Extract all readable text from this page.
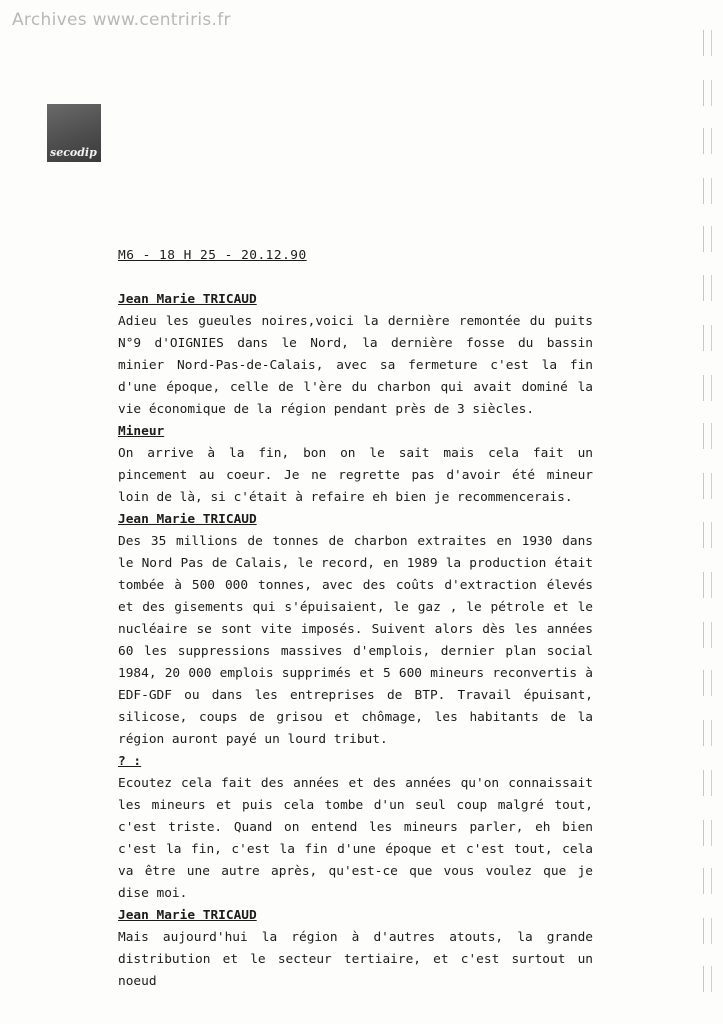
Archives www.centriris.fr
secodip
M6 - 18 H 25 - 20.12.90
Jean Marie TRICAUD
Adieu les gueules noires,voici la dernière remontée du puits N°9 d'OIGNIES dans le Nord, la dernière fosse du bassin minier Nord-Pas-de-Calais, avec sa fermeture c'est la fin d'une époque, celle de l'ère du charbon qui avait dominé la vie économique de la région pendant près de 3 siècles.
Mineur
On arrive à la fin, bon on le sait mais cela fait un pincement au coeur. Je ne regrette pas d'avoir été mineur loin de là, si c'était à refaire eh bien je recommencerais.
Jean Marie TRICAUD
Des 35 millions de tonnes de charbon extraites en 1930 dans le Nord Pas de Calais, le record, en 1989 la production était tombée à 500 000 tonnes, avec des coûts d'extraction élevés et des gisements qui s'épuisaient, le gaz , le pétrole et le nucléaire se sont vite imposés. Suivent alors dès les années 60 les suppressions massives d'emplois, dernier plan social 1984, 20 000 emplois supprimés et 5 600 mineurs reconvertis à EDF-GDF ou dans les entreprises de BTP. Travail épuisant, silicose, coups de grisou et chômage, les habitants de la région auront payé un lourd tribut.
? :
Ecoutez cela fait des années et des années qu'on connaissait les mineurs et puis cela tombe d'un seul coup malgré tout, c'est triste. Quand on entend les mineurs parler, eh bien c'est la fin, c'est la fin d'une époque et c'est tout, cela va être une autre après, qu'est-ce que vous voulez que je dise moi.
Jean Marie TRICAUD
Mais aujourd'hui la région à d'autres atouts, la grande distribution et le secteur tertiaire, et c'est surtout un noeud
